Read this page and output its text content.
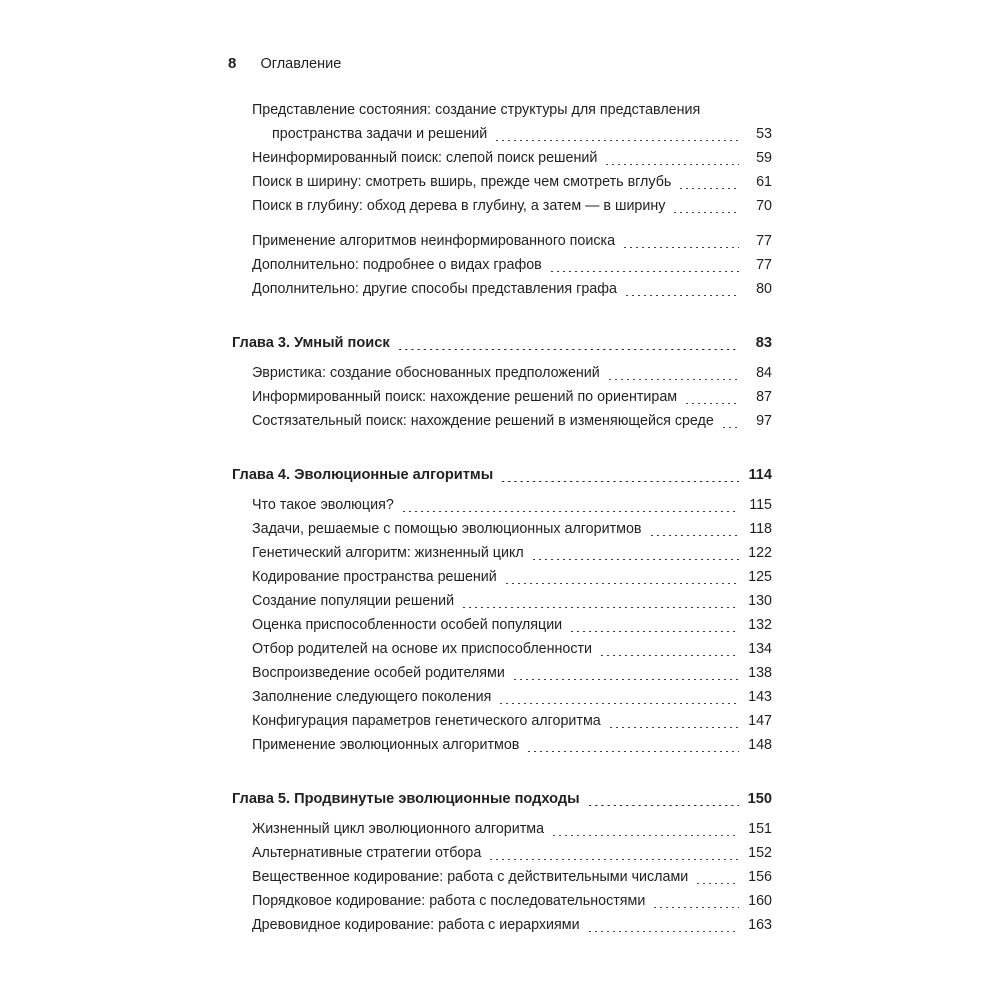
8 Оглавление
Представление состояния: создание структуры для представления
пространства задачи и решений	53
Неинформированный поиск: слепой поиск решений	59
Поиск в ширину: смотреть вширь, прежде чем смотреть вглубь	61
Поиск в глубину: обход дерева в глубину, а затем — в ширину	70
Применение алгоритмов неинформированного поиска	77
Дополнительно: подробнее о видах графов	77
Дополнительно: другие способы представления графа	80
Глава 3. Умный поиск	83
Эвристика: создание обоснованных предположений	84
Информированный поиск: нахождение решений по ориентирам	87
Состязательный поиск: нахождение решений в изменяющейся среде	97
Глава 4. Эволюционные алгоритмы	114
Что такое эволюция?	115
Задачи, решаемые с помощью эволюционных алгоритмов	118
Генетический алгоритм: жизненный цикл	122
Кодирование пространства решений	125
Создание популяции решений	130
Оценка приспособленности особей популяции	132
Отбор родителей на основе их приспособленности	134
Воспроизведение особей родителями	138
Заполнение следующего поколения	143
Конфигурация параметров генетического алгоритма	147
Применение эволюционных алгоритмов	148
Глава 5. Продвинутые эволюционные подходы	150
Жизненный цикл эволюционного алгоритма	151
Альтернативные стратегии отбора	152
Вещественное кодирование: работа с действительными числами	156
Порядковое кодирование: работа с последовательностями	160
Древовидное кодирование: работа с иерархиями	163
